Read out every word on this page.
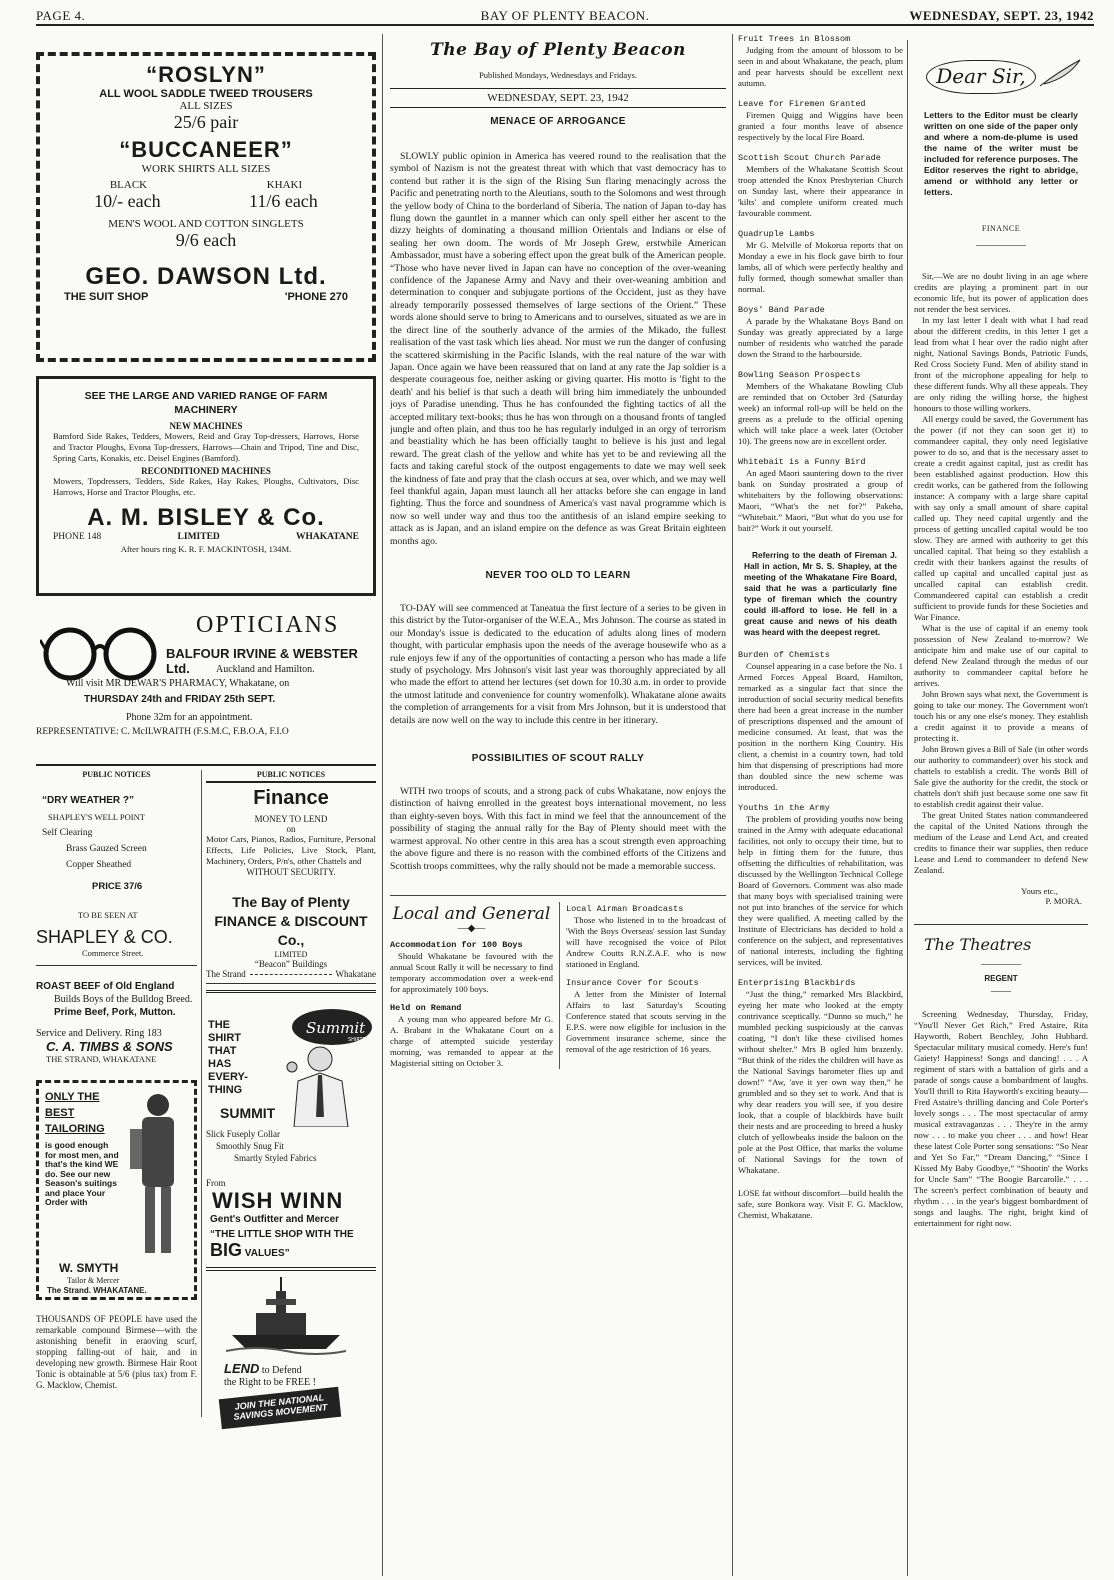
PAGE 4.	BAY OF PLENTY BEACON.	WEDNESDAY, SEPT. 23, 1942
“ROSLYN”
ALL WOOL SADDLE TWEED TROUSERS
ALL SIZES
25/6 pair
“BUCCANEER”
WORK SHIRTS ALL SIZES
BLACK	KHAKI
10/- each	11/6 each
MEN'S WOOL AND COTTON SINGLETS
9/6 each
GEO. DAWSON Ltd.
THE SUIT SHOP	'PHONE 270
SEE THE LARGE AND VARIED RANGE OF FARM MACHINERY
NEW MACHINES
Bamford Side Rakes, Tedders, Mowers, Reid and Gray Top-dressers, Harrows, Horse and Tractor Ploughs, Evona Top-dressers, Harrows—Chain and Tripod, Tine and Disc, Spring Carts, Konakis, etc. Deisel Engines (Bamford).
RECONDITIONED MACHINES
Mowers, Topdressers, Tedders, Side Rakes, Hay Rakes, Ploughs, Cultivators, Disc Harrows, Horse and Tractor Ploughs, etc.
A. M. BISLEY & Co.
PHONE 148	LIMITED	WHAKATANE
After hours ring K. R. F. MACKINTOSH, 134M.
OPTICIANS
BALFOUR IRVINE & WEBSTER Ltd.	Auckland and Hamilton.
Will visit MR DEWAR'S PHARMACY, Whakatane, on
THURSDAY 24th and FRIDAY 25th SEPT.
Phone 32m for an appointment.
REPRESENTATIVE: C. McILWRAITH (F.S.M.C, F.B.O.A, F.I.O
PUBLIC NOTICES
“DRY WEATHER ?”
SHAPLEY'S WELL POINT
Self Clearing
Brass Gauzed Screen
Copper Sheathed
PRICE 37/6
TO BE SEEN AT
SHAPLEY & CO.
Commerce Street.
ROAST BEEF of Old England
Builds Boys of the Bulldog Breed.
Prime Beef, Pork, Mutton.
Service and Delivery. Ring 183
C. A. TIMBS & SONS
THE STRAND, WHAKATANE
ONLY THE BEST TAILORING
is good enough for most men, and that's the kind WE do. See our new Season's suitings and place Your Order with
W. SMYTH
Tailor & Mercer
The Strand. WHAKATANE.
THOUSANDS OF PEOPLE have used the remarkable compound Birmese—with the astonishing benefit in eraoving scurf, stopping falling-out of hair, and in developing new growth. Birmese Hair Root Tonic is obtainable at 5/6 (plus tax) from F. G. Macklow, Chemist.
PUBLIC NOTICES
Finance
MONEY TO LEND
on
Motor Cars, Pianos, Radios, Furniture, Personal Effects, Life Policies, Live Stock, Plant, Machinery, Orders, P/n's, other Chattels and
WITHOUT SECURITY.
The Bay of Plenty FINANCE & DISCOUNT Co.,
LIMITED
“Beacon” Buildings
The Strand	Whakatane
THE
SHIRT
THAT
HAS
EVERY-
THING
SUMMIT
Summit
SHIRTS
Slick Fuseply Collar
Smoothly Snug Fit
Smartly Styled Fabrics
From
WISH WINN
Gent's Outfitter and Mercer
“THE LITTLE SHOP WITH THE
BIG VALUES”
LEND to Defend
the Right to be FREE !
JOIN THE NATIONAL SAVINGS MOVEMENT
The Bay of Plenty Beacon
Published Mondays, Wednesdays and Fridays.
WEDNESDAY, SEPT. 23, 1942
MENACE OF ARROGANCE

SLOWLY public opinion in America has veered round to the realisation that the symbol of Nazism is not the greatest threat with which that vast democracy has to contend but rather it is the sign of the Rising Sun flaring menacingly across the Pacific and penetrating north to the Aleutians, south to the Solomons and west through the yellow body of China to the borderland of Siberia. The nation of Japan to-day has flung down the gauntlet in a manner which can only spell either her ascent to the dizzy heights of dominating a thousand million Orientals and Indians or else of sealing her own doom. The words of Mr Joseph Grew, erstwhile American Ambassador, must have a sobering effect upon the great bulk of the American people. “Those who have never lived in Japan can have no conception of the over-weaning confidence of the Japanese Army and Navy and their over-weaning ambition and determination to conquer and subjugate portions of the Occident, just as they have already temporarily possessed themselves of large sections of the Orient.” These words alone should serve to bring to Americans and to ourselves, situated as we are in the direct line of the southerly advance of the armies of the Mikado, the fullest realisation of the vast task which lies ahead. Nor must we run the danger of confusing the scattered skirmishing in the Pacific Islands, with the real nature of the war with Japan. Once again we have been reassured that on land at any rate the Jap soldier is a desperate courageous foe, neither asking or giving quarter. His motto is 'fight to the death' and his belief is that such a death will bring him immediately the unbounded joys of Paradise unending. Thus he has confounded the fighting tactics of all the accepted military text-books; thus he has won through on a thousand fronts of tangled jungle and often plain, and thus too he has regularly indulged in an orgy of terrorism and beastiality which he has been officially taught to believe is his just and legal reward. The great clash of the yellow and white has yet to be and reviewing all the facts and taking careful stock of the outpost engagements to date we may well seek the kindness of fate and pray that the clash occurs at sea, over which, and we may well feel thankful again, Japan must launch all her attacks before she can engage in land fighting. Thus the force and soundness of America's vast naval programme which is now so well under way and thus too the antithesis of an island empire seeking to attack as is Japan, and an island empire on the defence as was Great Britain eighteen months ago.

NEVER TOO OLD TO LEARN

TO-DAY will see commenced at Taneatua the first lecture of a series to be given in this district by the Tutor-organiser of the W.E.A., Mrs Johnson. The course as stated in our Monday's issue is dedicated to the education of adults along lines of modern thought, with particular emphasis upon the needs of the average housewife who as a rule enjoys few if any of the opportunities of contacting a person who has made a life study of psychology. Mrs Johnson's visit last year was thoroughly appreciated by all who made the effort to attend her lectures (set down for 10.30 a.m. in order to provide the utmost latitude and convenience for country womenfolk). Whakatane alone awaits the completion of arrangements for a visit from Mrs Johnson, but it is understood that details are now well on the way to include this centre in her itinerary.

POSSIBILITIES OF SCOUT RALLY

WITH two troops of scouts, and a strong pack of cubs Whakatane, now enjoys the distinction of haivng enrolled in the greatest boys international movement, no less than eighty-seven boys. With this fact in mind we feel that the announcement of the possibility of staging the annual rally for the Bay of Plenty should meet with the warmest approval. No other centre in this area has a scout strength even approaching the above figure and there is no reason with the combined efforts of the Citizens and Scottish troops committees, why the rally should not be made a memorable success.

Local and General
—◆—
Accommodation for 100 Boys

Should Whakatane be favoured with the annual Scout Rally it will be necessary to find temporary accommodation over a week-end for approximately 100 boys.

Held on Remand

A young man who appeared before Mr G. A. Brabant in the Whakatane Court on a charge of attempted suicide yesterday morning, was remanded to appear at the Magisterial sitting on October 3.

Local Airman Broadcasts

Those who listened in to the broadcast of 'With the Boys Overseas' session last Sunday will have recognised the voice of Pilot Andrew Coutts R.N.Z.A.F. who is now stationed in England.

Insurance Cover for Scouts

A letter from the Minister of Internal Affairs to last Saturday's Scouting Conference stated that scouts serving in the E.P.S. were now eligible for inclusion in the Government insurance scheme, since the removal of the age restriction of 16 years.

Fruit Trees in Blossom

Judging from the amount of blossom to be seen in and about Whakatane, the peach, plum and pear harvests should be excellent next autumn.

Leave for Firemen Granted

Firemen Quigg and Wiggins have been granted a four months leave of absence respectively by the local Fire Board.

Scottish Scout Church Parade

Members of the Whakatane Scottish Scout troop attended the Knox Presbyterian Church on Sunday last, where their appearance in 'kilts' and complete uniform created much favourable comment.

Quadruple Lambs

Mr G. Melville of Mokorua reports that on Monday a ewe in his flock gave birth to four lambs, all of which were perfectly healthy and fully formed, though somewhat smaller than normal.

Boys' Band Parade

A parade by the Whakatane Boys Band on Sunday was greatly appreciated by a large number of residents who watched the parade down the Strand to the harbourside.

Bowling Season Prospects

Members of the Whakatane Bowling Club are reminded that on October 3rd (Saturday week) an informal roll-up will be held on the greens as a prelude to the official opening which will take place a week later (October 10). The greens now are in excellent order.

Whitebait is a Funny Bird

An aged Maori sauntering down to the river bank on Sunday prostrated a group of whitebaiters by the following observations: Maori, “What's the net for?” Pakeha, “Whitebait.” Maori, “But what do you use for bait?” Work it out yourself.

Referring to the death of Fireman J. Hall in action, Mr S. S. Shapley, at the meeting of the Whakatane Fire Board, said that he was a particularly fine type of fireman which the country could ill-afford to lose. He fell in a great cause and news of his death was heard with the deepest regret.

Burden of Chemists

Counsel appearing in a case before the No. 1 Armed Forces Appeal Board, Hamilton, remarked as a singular fact that since the introduction of social security medical benefits there had been a great increase in the number of prescriptions dispensed and the amount of medicine consumed. At least, that was the position in the northern King Country. His client, a chemist in a country town, had told him that dispensing of prescriptions had more than doubled since the new scheme was introduced.

Youths in the Army

The problem of providing youths now being trained in the Army with adequate educational facilities, not only to occupy their time, but to help in fitting them for the future, thus offsetting the difficulties of rehabilitation, was discussed by the Wellington Technical College Board of Governors. Comment was also made that many boys with specialised training were not put into branches of the service for which they were qualified. A meeting called by the Institute of Electricians has decided to hold a conference on the subject, and representatives of national interests, including the fighting services, will be invited.

Enterprising Blackbirds

“Just the thing,” remarked Mrs Blackbird, eyeing her mate who looked at the empty contrivance sceptically. “Dunno so much,” he mumbled pecking suspiciously at the canvas coating, “I don't like these civilised homes without shelter.” Mrs B ogled him brazenly. “But think of the rides the children will have as the National Savings barometer flies up and down!” “Aw, 'ave it yer own way then,” he grumbled and so they set to work. And that is why dear readers you will see, if you desire look, that a couple of blackbirds have built their nests and are proceeding to breed a husky clutch of yellowbeaks inside the baloon on the pole at the Post Office, that marks the volume of National Savings for the town of Whakatane.

LOSE fat without discomfort—build health the safe, sure Bonkora way. Visit F. G. Macklow, Chemist, Whakatane.

Dear Sir,

Letters to the Editor must be clearly written on one side of the paper only and where a nom-de-plume is used the name of the writer must be included for reference purposes. The Editor reserves the right to abridge, amend or withhold any letter or letters.

FINANCE
—————

Sir,—We are no doubt living in an age where credits are playing a prominent part in our economic life, but its power of application does not render the best services.

In my last letter I dealt with what I had read about the different credits, in this letter I get a lead from what I hear over the radio night after night, National Savings Bonds, Patriotic Funds, Red Cross Society Fund. Men of ability stand in front of the microphone appealing for help to these different funds. Why all these appeals. They are only riding the willing horse, the highest honours to those willing workers.

All energy could be saved, the Government has the power (if not they can soon get it) to commandeer capital, they only need legislative power to do so, and that is the necessary asset to create a credit against capital, just as credit has been established against production. How this credit works, can be gathered from the following instance: A company with a large share capital with say only a small amount of share capital called up. They need capital urgently and the process of getting uncalled capital would be too slow. They are armed with authority to get this uncalled capital. That being so they establish a credit with their bankers against the results of called up capital and uncalled capital just as uncalled capital can establish credit. Commandeered capital can establish a credit sufficient to provide funds for these Societies and War Finance.

What is the use of capital if an enemy took possession of New Zealand to-morrow? We anticipate him and make use of our capital to defend New Zealand through the medus of our authority to commandeer capital before he arrives.

John Brown says what next, the Government is going to take our money. The Government won't touch his or any one else's money. They establish a credit against it to provide a means of protecting it.

John Brown gives a Bill of Sale (in other words our authority to commandeer) over his stock and chattels to establish a credit. The words Bill of Sale give the authority for the credit, the stock or chattels don't shift just because some one saw fit to establish credit against their value.

The great United States nation commandeered the capital of the United Nations through the medium of the Lease and Lend Act, and created credits to finance their war supplies, then reduce Lease and Lend to commandeer to defend New Zealand.

Yours etc.,
P. MORA.
The Theatres
————
REGENT
——

Screening Wednesday, Thursday, Friday, “You'll Never Get Rich,” Fred Astaire, Rita Hayworth, Robert Benchley, John Hubbard. Spectacular military musical comedy. Here's fun! Gaiety! Happiness! Songs and dancing! . . . A regiment of stars with a battalion of girls and a parade of songs cause a bombardment of laughs. You'll thrill to Rita Hayworth's exciting beauty—Fred Astaire's thrilling dancing and Cole Porter's lovely songs . . . The most spectacular of army musical extravaganzas . . . They're in the army now . . . to make you cheer . . . and how! Hear these latest Cole Porter song sensations: “So Near and Yet So Far,” “Dream Dancing,” “Since I Kissed My Baby Goodbye,” “Shootin' the Works for Uncle Sam” “The Boogie Barcarolle.” . . . The screen's perfect combination of beauty and rhythm . . . in the year's biggest bombardment of songs and laughs. The right, bright kind of entertainment for right now.
